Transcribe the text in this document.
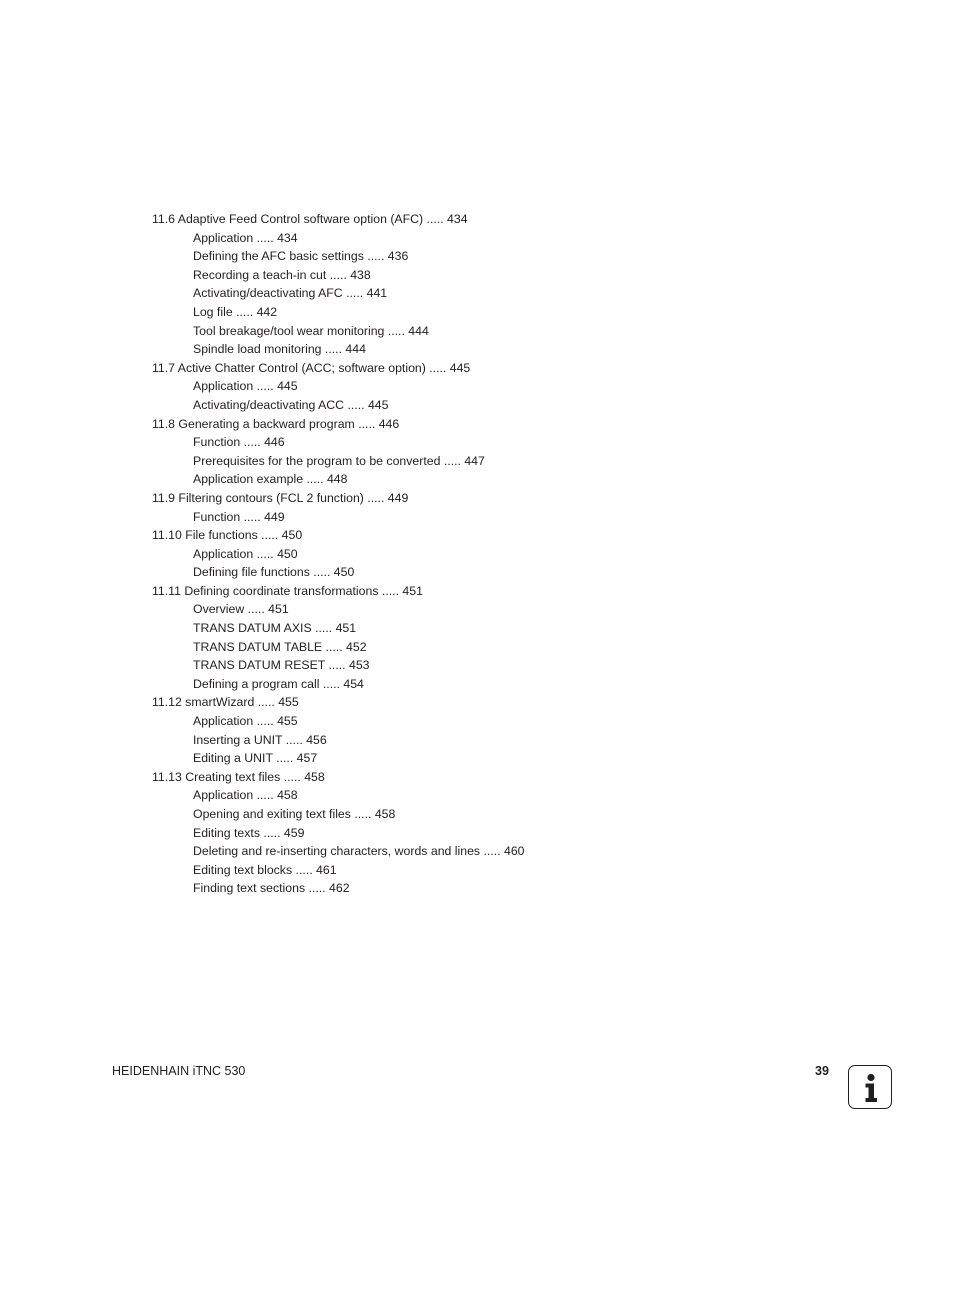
11.6 Adaptive Feed Control software option (AFC) ..... 434
Application ..... 434
Defining the AFC basic settings ..... 436
Recording a teach-in cut ..... 438
Activating/deactivating AFC ..... 441
Log file ..... 442
Tool breakage/tool wear monitoring ..... 444
Spindle load monitoring ..... 444
11.7 Active Chatter Control (ACC; software option) ..... 445
Application ..... 445
Activating/deactivating ACC ..... 445
11.8 Generating a backward program ..... 446
Function ..... 446
Prerequisites for the program to be converted ..... 447
Application example ..... 448
11.9 Filtering contours (FCL 2 function) ..... 449
Function ..... 449
11.10 File functions ..... 450
Application ..... 450
Defining file functions ..... 450
11.11 Defining coordinate transformations ..... 451
Overview ..... 451
TRANS DATUM AXIS ..... 451
TRANS DATUM TABLE ..... 452
TRANS DATUM RESET ..... 453
Defining a program call ..... 454
11.12 smartWizard ..... 455
Application ..... 455
Inserting a UNIT ..... 456
Editing a UNIT ..... 457
11.13 Creating text files ..... 458
Application ..... 458
Opening and exiting text files ..... 458
Editing texts ..... 459
Deleting and re-inserting characters, words and lines ..... 460
Editing text blocks ..... 461
Finding text sections ..... 462
HEIDENHAIN iTNC 530	39
